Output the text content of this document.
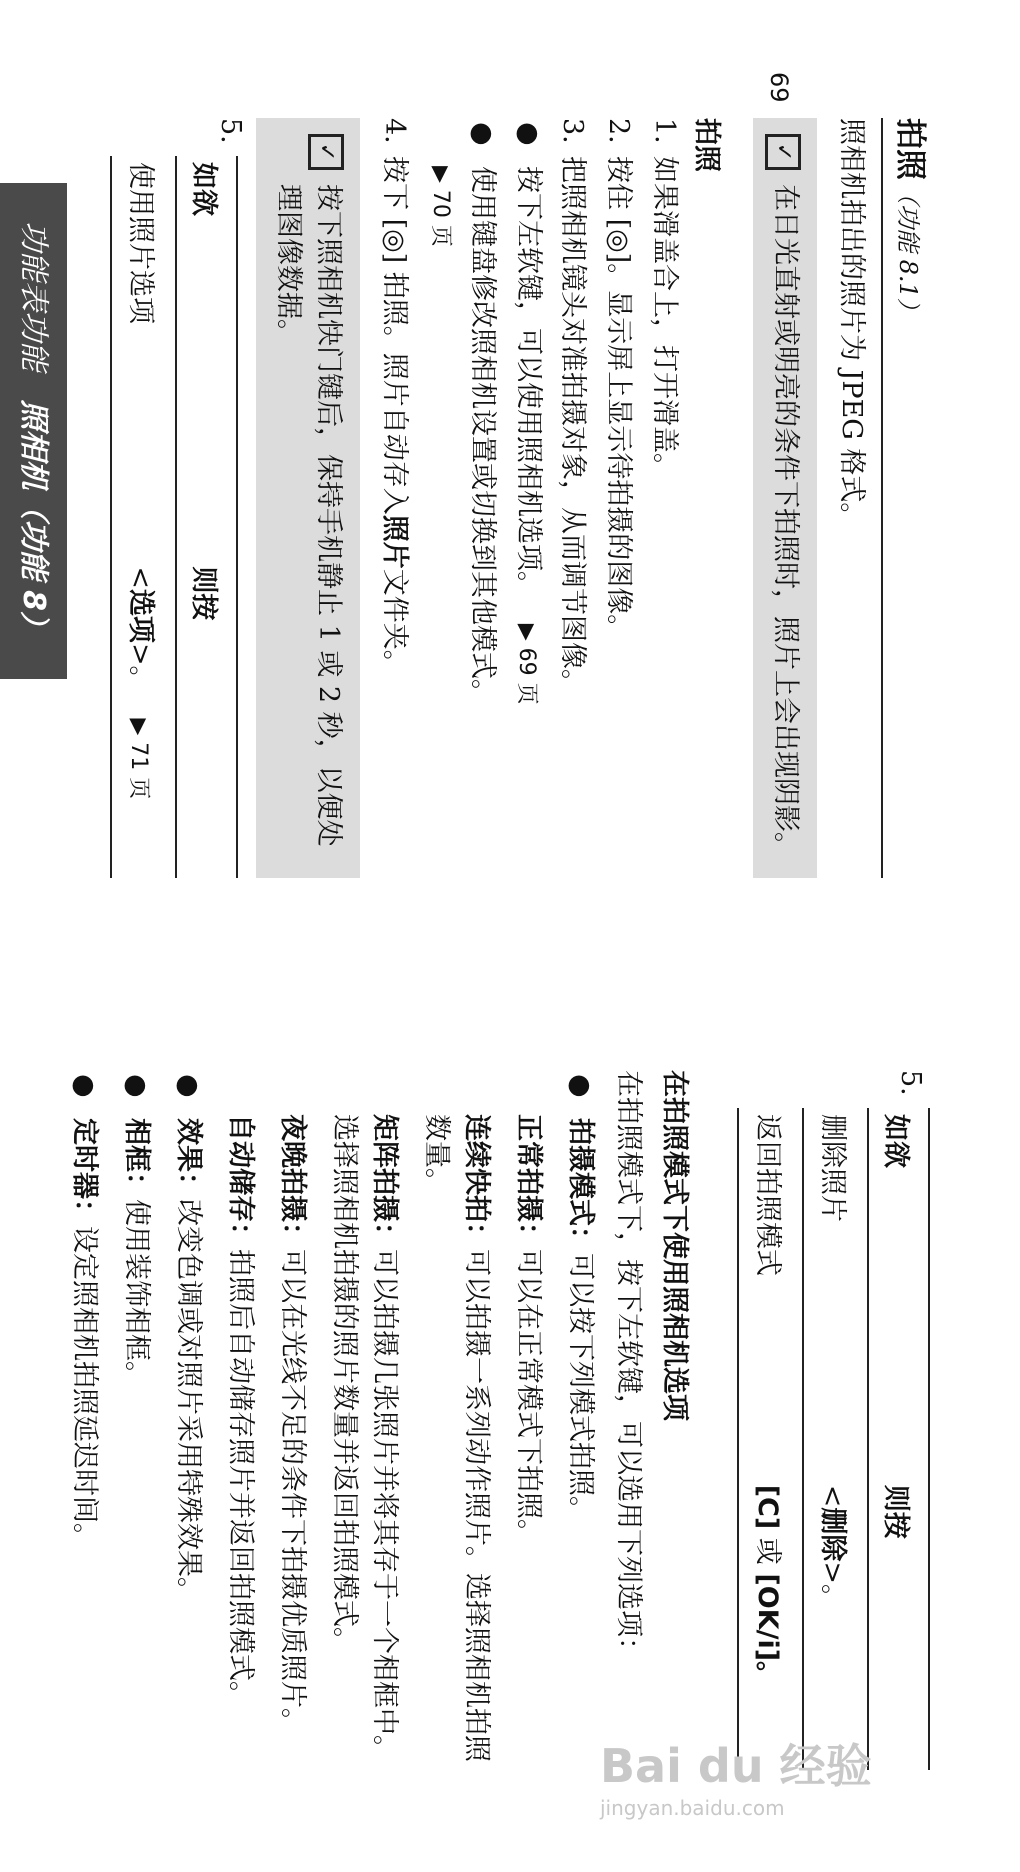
功能表功能   照相机（功能 8）
69
拍照（功能 8.1）
照相机拍出的照片为 JPEG 格式。
✓
在日光直射或明亮的条件下拍照时，照片上会出现阴影。
拍照
1.
如果滑盖合上，打开滑盖。
2.
按住 [◎]。显示屏上显示待拍摄的图像。
3.
把照相机镜头对准拍摄对象，从而调节图像。
●
按下左软键，可以使用照相机选项。   ▶ 69 页
●
使用键盘修改照相机设置或切换到其他模式。
▶ 70 页
4.
按下 [◎] 拍照。照片自动存入照片文件夹。
✓
按下照相机快门键后，保持手机静止 1 或 2 秒，以便处理图像数据。
5.
如欲	则按
使用照片选项	<选项>。   ▶ 71 页
5.
如欲	则按
删除照片	<删除>。
返回拍照模式	[C] 或 [OK/i]。
在拍照模式下使用照相机选项
在拍照模式下，按下左软键，可以选用下列选项：
●
拍摄模式：可以按下列模式拍照。
正常拍摄：可以在正常模式下拍照。
连续快拍：可以拍摄一系列动作照片。选择照相机拍照数量。
矩阵拍摄：可以拍摄几张照片并将其存于一个相框中。选择照相机拍摄的照片数量并返回拍照模式。
夜晚拍摄：可以在光线不足的条件下拍摄优质照片。
自动储存：拍照后自动储存照片并返回拍照模式。
●
效果：改变色调或对照片采用特殊效果。
●
相框：使用装饰相框。
●
定时器：设定照相机拍照延迟时间。
Bai du 经验
jingyan.baidu.com
